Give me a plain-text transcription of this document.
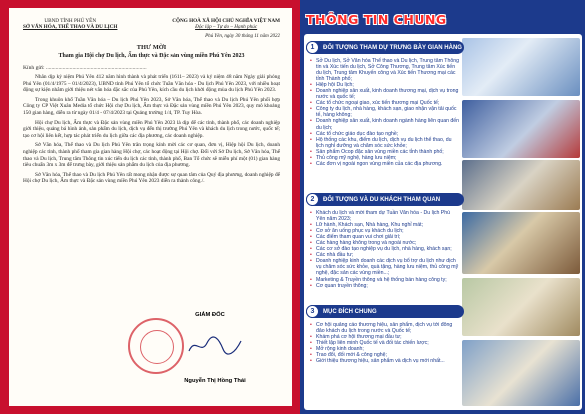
UBND TỈNH PHÚ YÊN
SỞ VĂN HÓA, THỂ THAO VÀ DU LỊCH
CỘNG HOÀ XÃ HỘI CHỦ NGHĨA VIỆT NAM
Độc lập – Tự do – Hạnh phúc
Phú Yên, ngày 30 tháng 11 năm 2022
THƯ MỜI
Tham gia Hội chợ Du lịch, Ẩm thực và Đặc sản vùng miền Phú Yên 2023
Kính gửi: ........................................................................

Nhân dịp kỷ niệm Phú Yên 412 năm hình thành và phát triển (1611– 2023) và kỷ niệm 48 năm Ngày giải phóng Phú Yên (01/4/1975 – 01/4/2023), UBND tỉnh Phú Yên tổ chức Tuần Văn hóa - Du lịch Phú Yên 2023, với nhiều hoạt động sự kiện nhằm giới thiệu nét văn hóa đặc sắc của Phú Yên, kích cầu du lịch khởi động mùa du lịch Phú Yên 2023.

Trong khuôn khổ Tuần Văn hóa – Du lịch Phú Yên 2023, Sở Văn hóa, Thể thao và Du lịch Phú Yên phối hợp Công ty CP Việt Xuân Media tổ chức Hội chợ Du lịch, Ẩm thực và Đặc sản vùng miền Phú Yên 2023, quy mô khoảng 150 gian hàng, diễn ra từ ngày 01/4 - 07/4/2023 tại Quảng trường 1/4, TP. Tuy Hòa.

Hội chợ Du lịch, Ẩm thực và Đặc sản vùng miền Phú Yên 2023 là dịp để các tỉnh, thành phố, các doanh nghiệp giới thiệu, quảng bá hình ảnh, sản phẩm du lịch, dịch vụ đến thị trường Phú Yên và khách du lịch trong nước, quốc tế; tạo cơ hội liên kết, hợp tác phát triển du lịch giữa các địa phương, các doanh nghiệp.

Sở Văn hóa, Thể thao và Du lịch Phú Yên trân trọng kính mời các cơ quan, đơn vị, Hiệp hội Du lịch, doanh nghiệp các tỉnh, thành phố tham gia gian hàng Hội chợ, các hoạt động tại Hội chợ. Đối với Sở Du lịch, Sở Văn hóa, Thể thao và Du lịch, Trung tâm Thông tin xúc tiến du lịch các tỉnh, thành phố, Ban Tổ chức sẽ miễn phí một (01) gian hàng tiêu chuẩn 3m x 3m để trưng bày, giới thiệu sản phẩm du lịch của địa phương.

Sở Văn hóa, Thể thao và Du lịch Phú Yên rất mong nhận được sự quan tâm của Quý địa phương, doanh nghiệp để Hội chợ Du lịch, Ẩm thực và Đặc sản vùng miền Phú Yên 2023 diễn ra thành công./.

GIÁM ĐỐC
Nguyễn Thị Hồng Thái
THÔNG TIN CHUNG
1	ĐỐI TƯỢNG THAM DỰ TRƯNG BÀY GIAN HÀNG
• Sở Du lịch, Sở Văn hóa Thể thao và Du lịch, Trung tâm Thông tin và Xúc tiến du lịch, Sở Công Thương, Trung tâm Xúc tiến du lịch, Trung tâm Khuyến công và Xúc tiến Thương mại các tỉnh Thành phố;
• Hiệp hội Du lịch;
• Doanh nghiệp sản xuất, kinh doanh thương mại, dịch vụ trong nước và quốc tế;
• Các tổ chức ngoại giao, xúc tiến thương mại Quốc tế;
• Công ty du lịch, nhà hàng, khách sạn, giao nhận vận tải quốc tế, hàng không;
• Doanh nghiệp sản xuất, kinh doanh ngành hàng liên quan đến du lịch;
• Các tổ chức giáo dục đào tạo nghề;
• Hộ thống các khu, điểm du lịch, dịch vụ du lịch thể thao, du lịch nghỉ dưỡng và chăm sóc sức khỏe;
• Sản phẩm Ocop đặc sản vùng miền các tỉnh thành phố;
• Thủ công mỹ nghệ, hàng lưu niệm;
• Các đơn vị ngoài ngon vùng miền của các địa phương.
2	ĐỐI TƯỢNG VÀ DU KHÁCH THAM QUAN
• Khách du lịch và mời tham dự Tuần Văn hóa - Du lịch Phú Yên năm 2023;
• Lữ hành, Khách sạn, Nhà hàng, Khu nghỉ mát;
• Cơ sở ăn uống phục vụ khách du lịch;
• Các điểm tham quan vui chơi giải trí;
• Các hàng hàng không trong và ngoài nước;
• Các cơ sở đào tạo nghiệp vụ du lịch, nhà hàng, khách sạn;
• Các nhà đầu tư;
• Doanh nghiệp kinh doanh các dịch vụ bổ trợ du lịch như dịch vụ chăm sóc sức khỏe, quà tặng, hàng lưu niệm, thủ công mỹ nghệ, đặc sản các vùng miền...;
• Marketing & Truyền thông và hệ thống bán hàng công ty;
• Cơ quan truyền thông;
3	MỤC ĐÍCH CHUNG
• Cơ hội quảng cáo thương hiệu, sản phẩm, dịch vụ tới đông đảo khách du lịch trong nước và Quốc tế;
• Khám phá cơ hội thương mại đầu tư;
• Thiết lập liên minh Quốc tế và đối tác chiến lược;
• Mở rộng kinh doanh;
• Trao đổi, đối mới & công nghệ;
• Giới thiệu thương hiệu, sản phẩm và dịch vụ mới nhất...
